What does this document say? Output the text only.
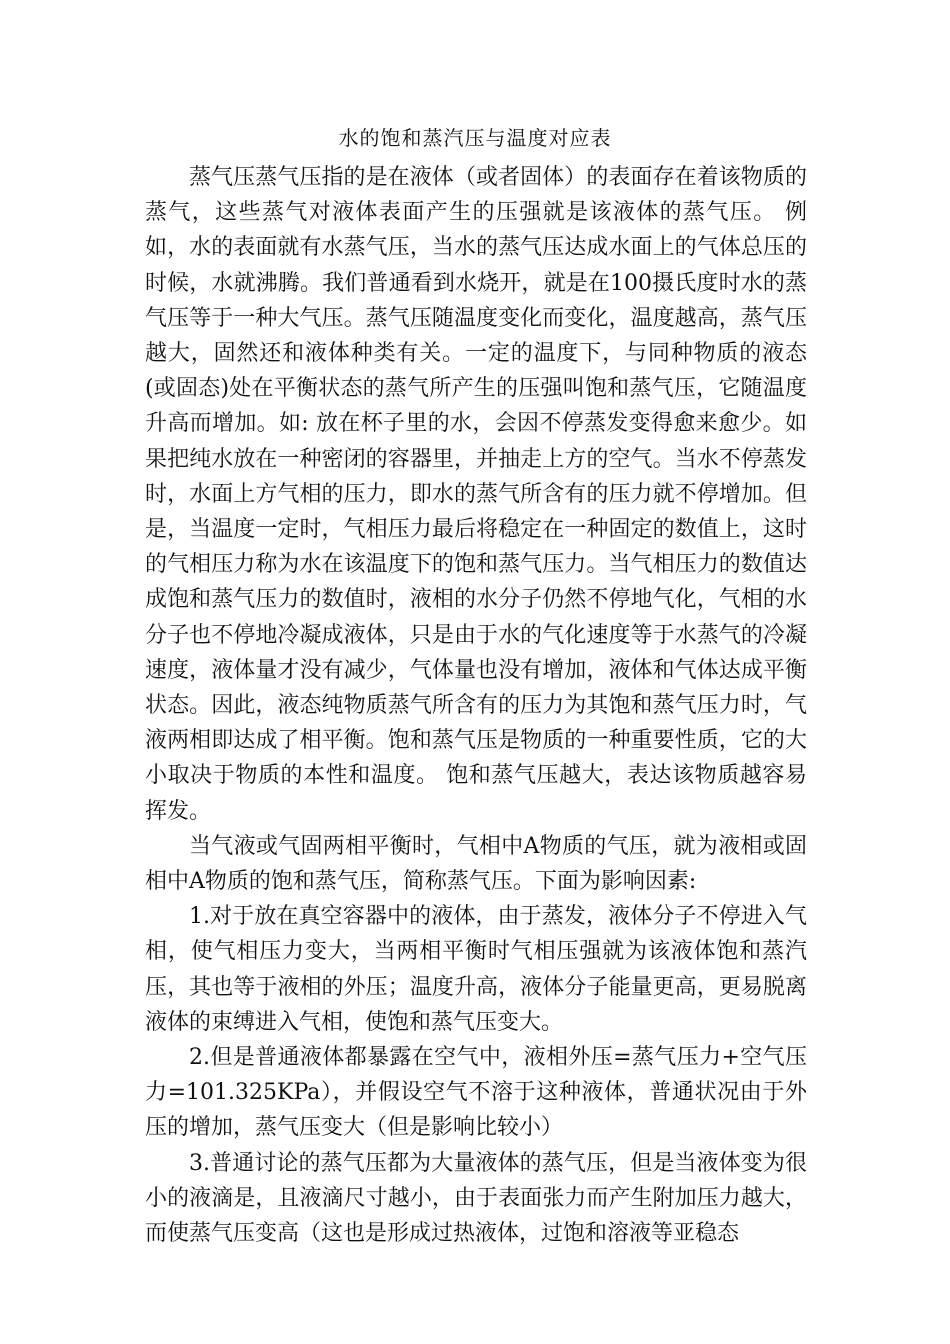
水的饱和蒸汽压与温度对应表

蒸气压蒸气压指的是在液体（或者固体）的表面存在着该物质的蒸气，这些蒸气对液体表面产生的压强就是该液体的蒸气压。 例如，水的表面就有水蒸气压，当水的蒸气压达成水面上的气体总压的时候，水就沸腾。我们普通看到水烧开，就是在100摄氏度时水的蒸气压等于一种大气压。蒸气压随温度变化而变化，温度越高，蒸气压越大，固然还和液体种类有关。一定的温度下，与同种物质的液态(或固态)处在平衡状态的蒸气所产生的压强叫饱和蒸气压，它随温度升高而增加。如: 放在杯子里的水，会因不停蒸发变得愈来愈少。如果把纯水放在一种密闭的容器里，并抽走上方的空气。当水不停蒸发时，水面上方气相的压力，即水的蒸气所含有的压力就不停增加。但是，当温度一定时，气相压力最后将稳定在一种固定的数值上，这时的气相压力称为水在该温度下的饱和蒸气压力。当气相压力的数值达成饱和蒸气压力的数值时，液相的水分子仍然不停地气化，气相的水分子也不停地冷凝成液体，只是由于水的气化速度等于水蒸气的冷凝速度，液体量才没有减少，气体量也没有增加，液体和气体达成平衡状态。因此，液态纯物质蒸气所含有的压力为其饱和蒸气压力时，气液两相即达成了相平衡。饱和蒸气压是物质的一种重要性质，它的大小取决于物质的本性和温度。 饱和蒸气压越大，表达该物质越容易挥发。

当气液或气固两相平衡时，气相中A物质的气压，就为液相或固相中A物质的饱和蒸气压，简称蒸气压。下面为影响因素:

1.对于放在真空容器中的液体，由于蒸发，液体分子不停进入气相，使气相压力变大，当两相平衡时气相压强就为该液体饱和蒸汽压，其也等于液相的外压；温度升高，液体分子能量更高，更易脱离液体的束缚进入气相，使饱和蒸气压变大。

2.但是普通液体都暴露在空气中，液相外压=蒸气压力+空气压力=101.325KPa），并假设空气不溶于这种液体，普通状况由于外压的增加，蒸气压变大（但是影响比较小）

3.普通讨论的蒸气压都为大量液体的蒸气压，但是当液体变为很小的液滴是，且液滴尺寸越小，由于表面张力而产生附加压力越大，而使蒸气压变高（这也是形成过热液体，过饱和溶液等亚稳态
